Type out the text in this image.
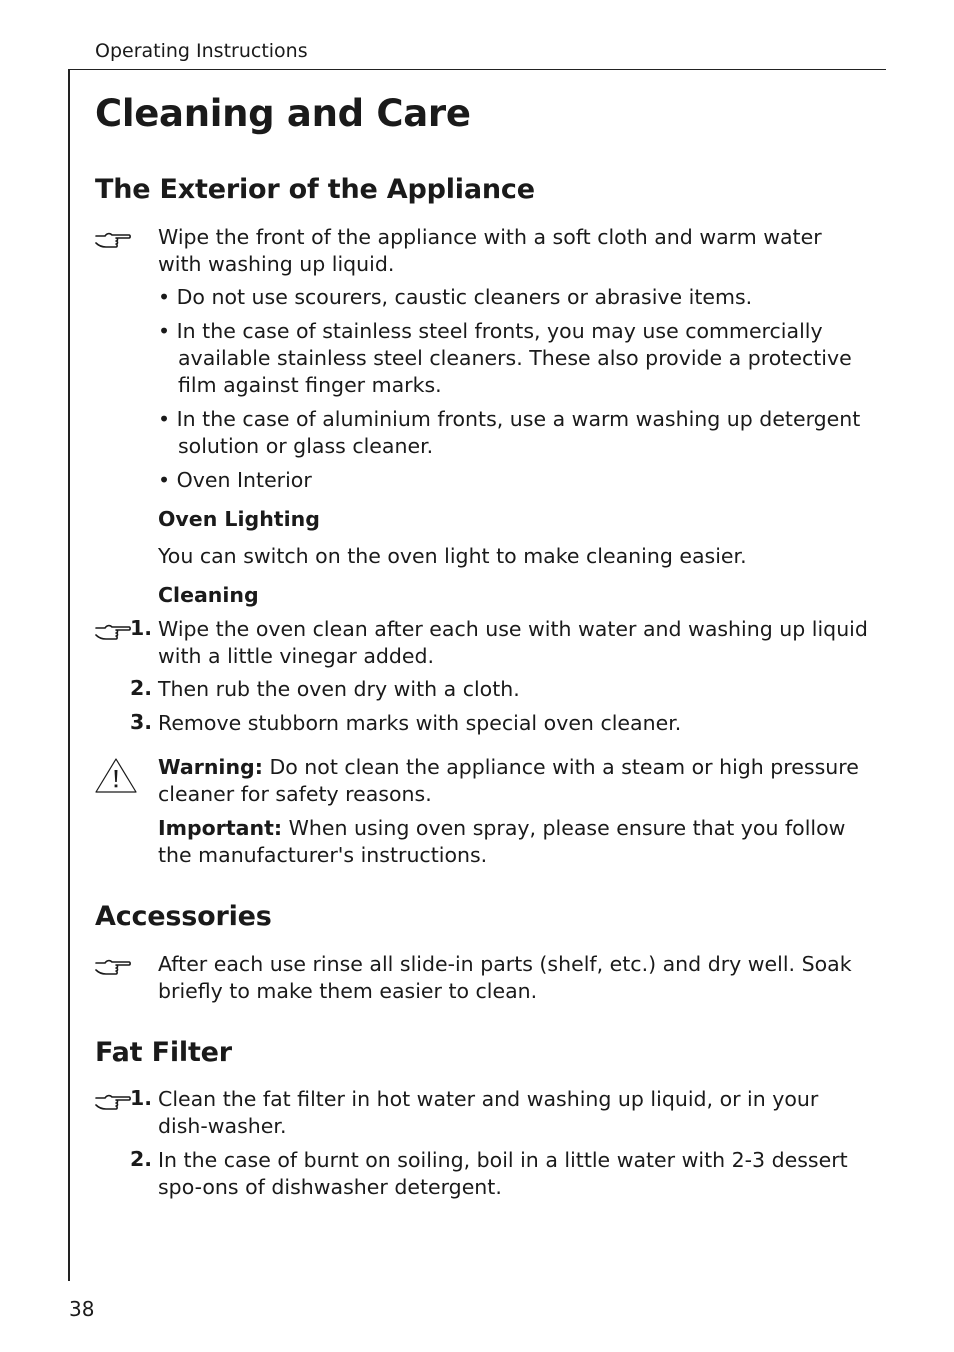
Operating Instructions
38
Cleaning and Care
The Exterior of the Appliance
Wipe the front of the appliance with a soft cloth and warm water with washing up liquid.
• Do not use scourers, caustic cleaners or abrasive items.
• In the case of stainless steel fronts, you may use commercially available stainless steel cleaners. These also provide a protective film against finger marks.
• In the case of aluminium fronts, use a warm washing up detergent solution or glass cleaner.
• Oven Interior
Oven Lighting
You can switch on the oven light to make cleaning easier.
Cleaning
1. Wipe the oven clean after each use with water and washing up liquid with a little vinegar added.
2. Then rub the oven dry with a cloth.
3. Remove stubborn marks with special oven cleaner.
Warning: Do not clean the appliance with a steam or high pressure cleaner for safety reasons.
Important: When using oven spray, please ensure that you follow the manufacturer's instructions.
Accessories
After each use rinse all slide-in parts (shelf, etc.) and dry well. Soak briefly to make them easier to clean.
Fat Filter
1. Clean the fat filter in hot water and washing up liquid, or in your dish-washer.
2. In the case of burnt on soiling, boil in a little water with 2-3 dessert spo-ons of dishwasher detergent.
